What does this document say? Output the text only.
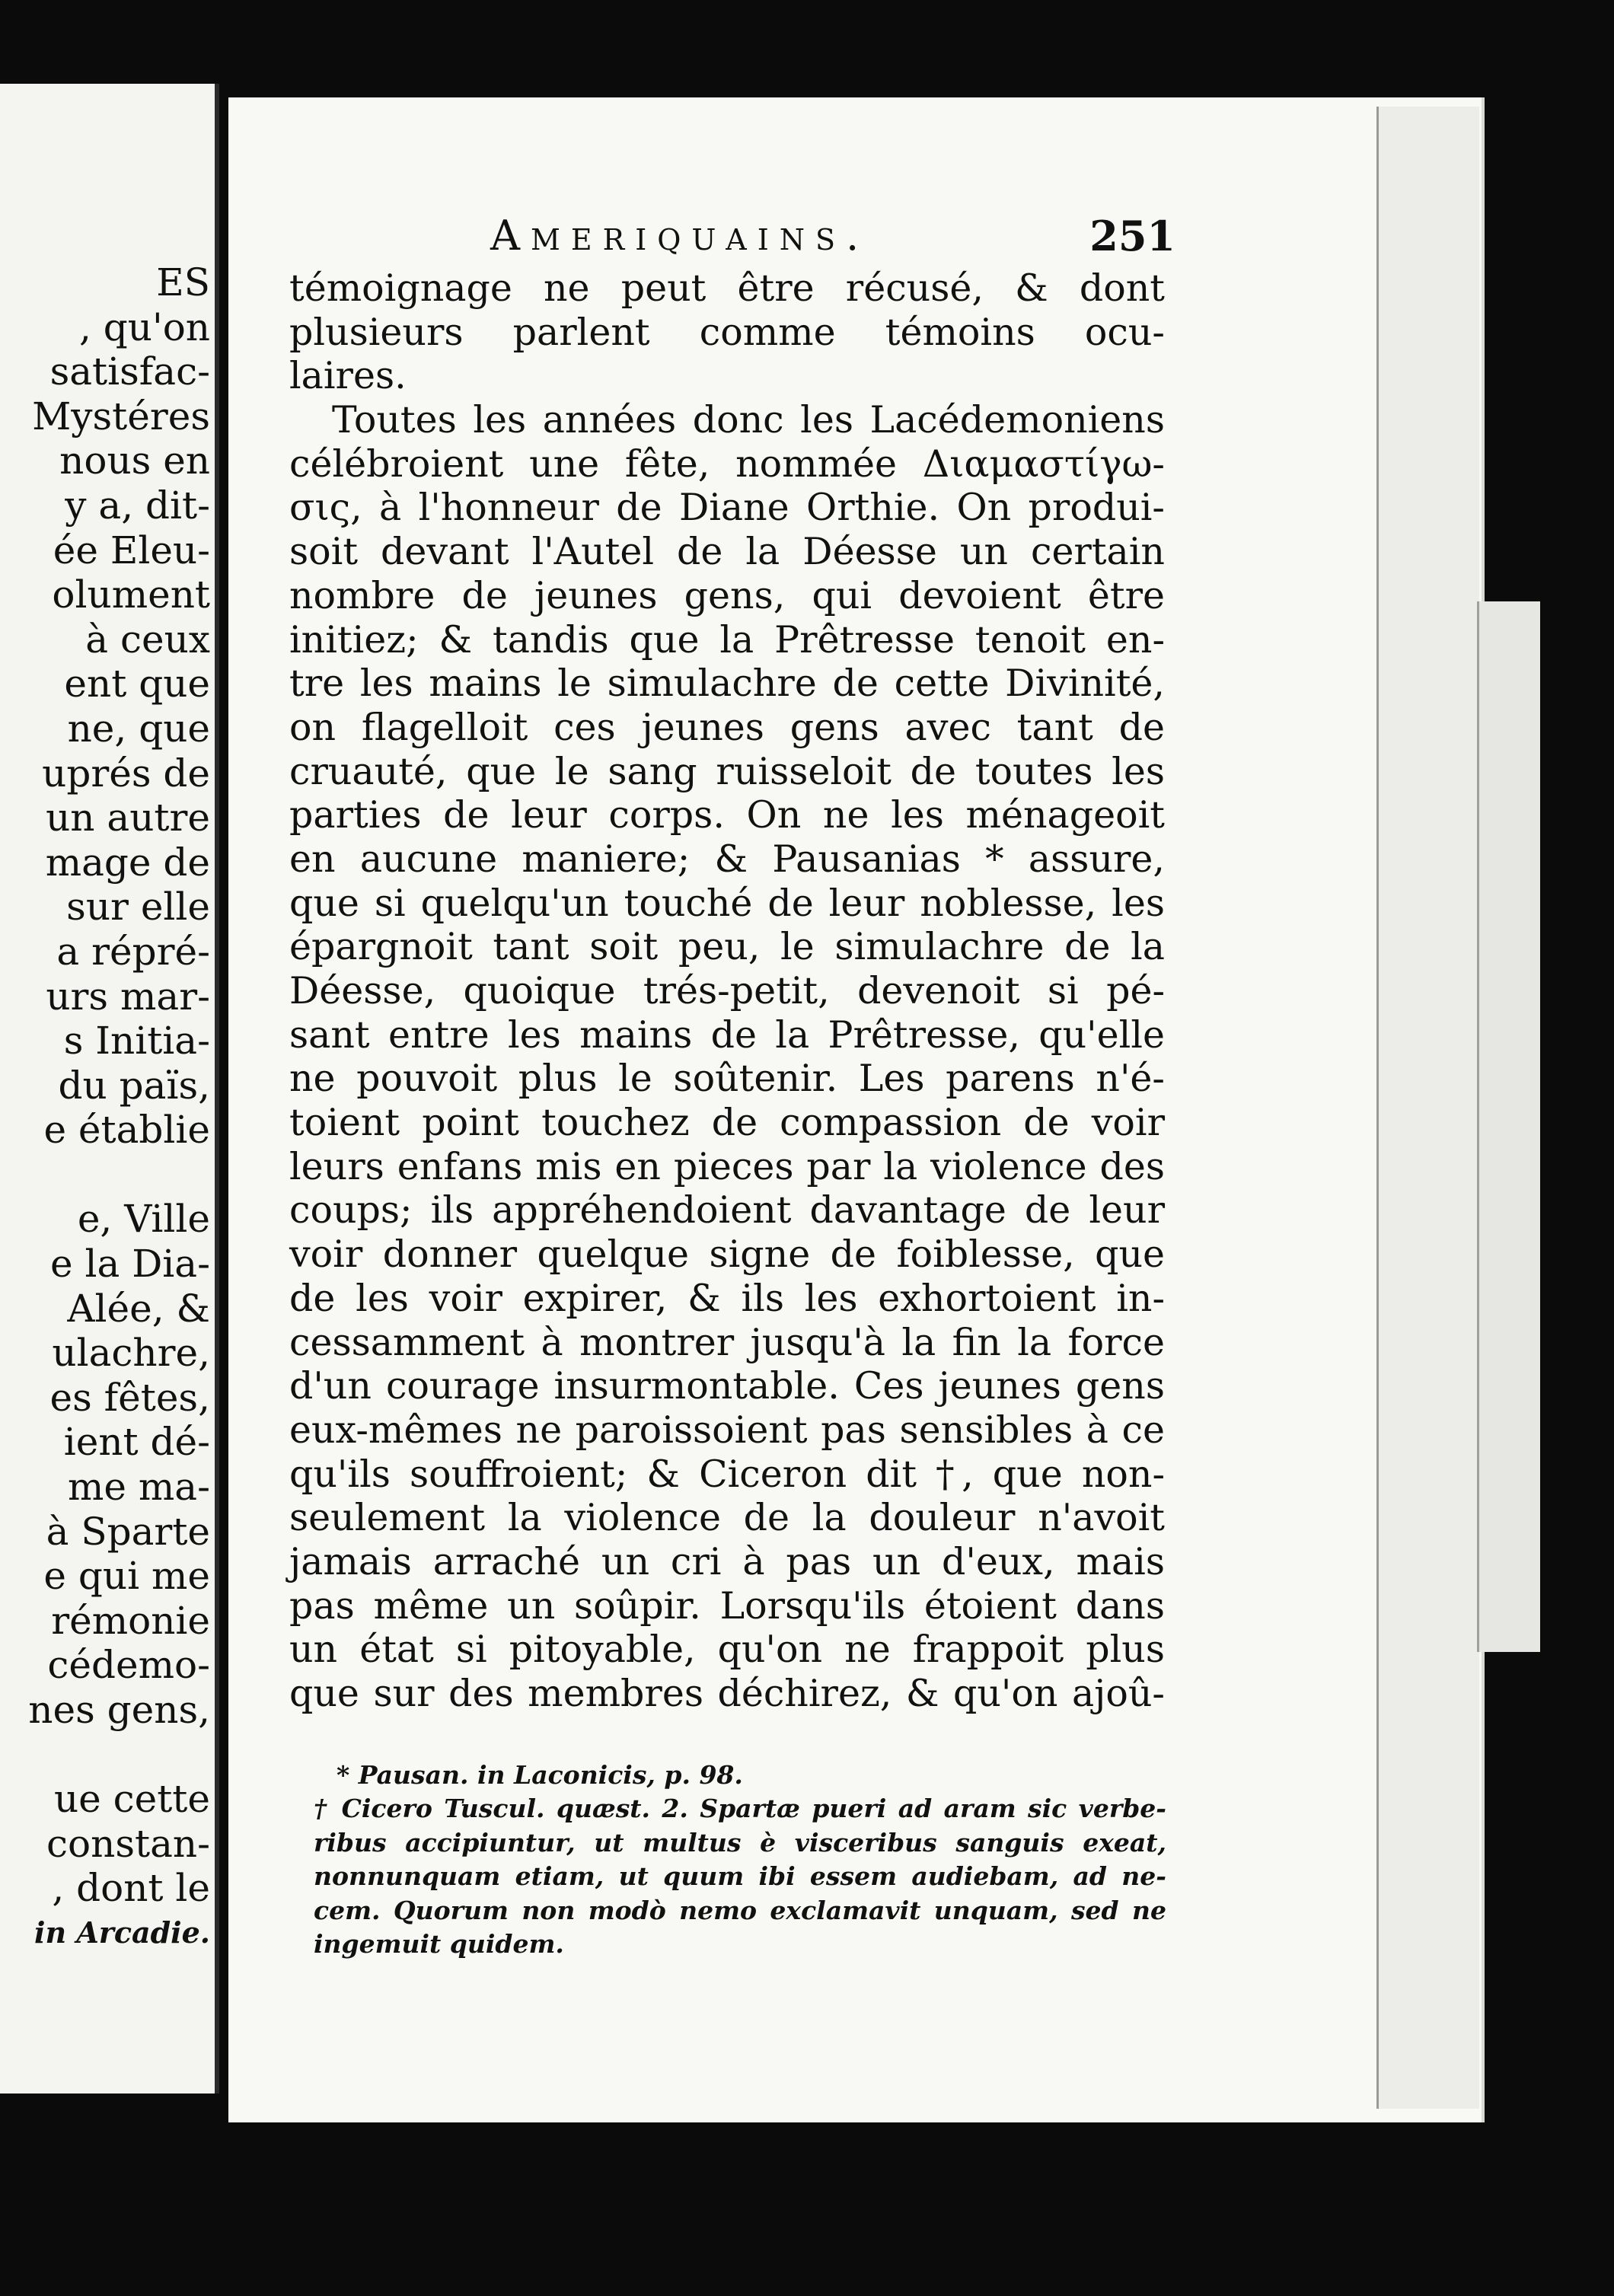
ES
, qu'on
satisfac-
Mystéres
nous en
y a, dit-
ée Eleu-
olument
à ceux
ent que
ne, que
uprés de
un autre
mage de
sur elle
a répré-
urs mar-
s Initia-
du païs,
e établie
e, Ville
e la Dia-
Alée, &
ulachre,
es fêtes,
ient dé-
me ma-
à Sparte
e qui me
rémonie
cédemo-
nes gens,
ue cette
constan-
, dont le
in Arcadie.
Ameriquains.	251
témoignage ne peut être récusé, & dont
plusieurs parlent comme témoins ocu-
laires.
Toutes les années donc les Lacédemoniens
célébroient une fête, nommée Διαμαστίγω-
σις, à l'honneur de Diane Orthie. On produi-
soit devant l'Autel de la Déesse un certain
nombre de jeunes gens, qui devoient être
initiez; & tandis que la Prêtresse tenoit en-
tre les mains le simulachre de cette Divinité,
on flagelloit ces jeunes gens avec tant de
cruauté, que le sang ruisseloit de toutes les
parties de leur corps. On ne les ménageoit
en aucune maniere; & Pausanias * assure,
que si quelqu'un touché de leur noblesse, les
épargnoit tant soit peu, le simulachre de la
Déesse, quoique trés-petit, devenoit si pé-
sant entre les mains de la Prêtresse, qu'elle
ne pouvoit plus le soûtenir. Les parens n'é-
toient point touchez de compassion de voir
leurs enfans mis en pieces par la violence des
coups; ils appréhendoient davantage de leur
voir donner quelque signe de foiblesse, que
de les voir expirer, & ils les exhortoient in-
cessamment à montrer jusqu'à la fin la force
d'un courage insurmontable. Ces jeunes gens
eux-mêmes ne paroissoient pas sensibles à ce
qu'ils souffroient; & Ciceron dit †, que non-
seulement la violence de la douleur n'avoit
jamais arraché un cri à pas un d'eux, mais
pas même un soûpir. Lorsqu'ils étoient dans
un état si pitoyable, qu'on ne frappoit plus
que sur des membres déchirez, & qu'on ajoû-
* Pausan. in Laconicis, p. 98.
† Cicero Tuscul. quæst. 2. Spartæ pueri ad aram sic verbe-
ribus accipiuntur, ut multus è visceribus sanguis exeat,
nonnunquam etiam, ut quum ibi essem audiebam, ad ne-
cem. Quorum non modò nemo exclamavit unquam, sed ne
ingemuit quidem.
